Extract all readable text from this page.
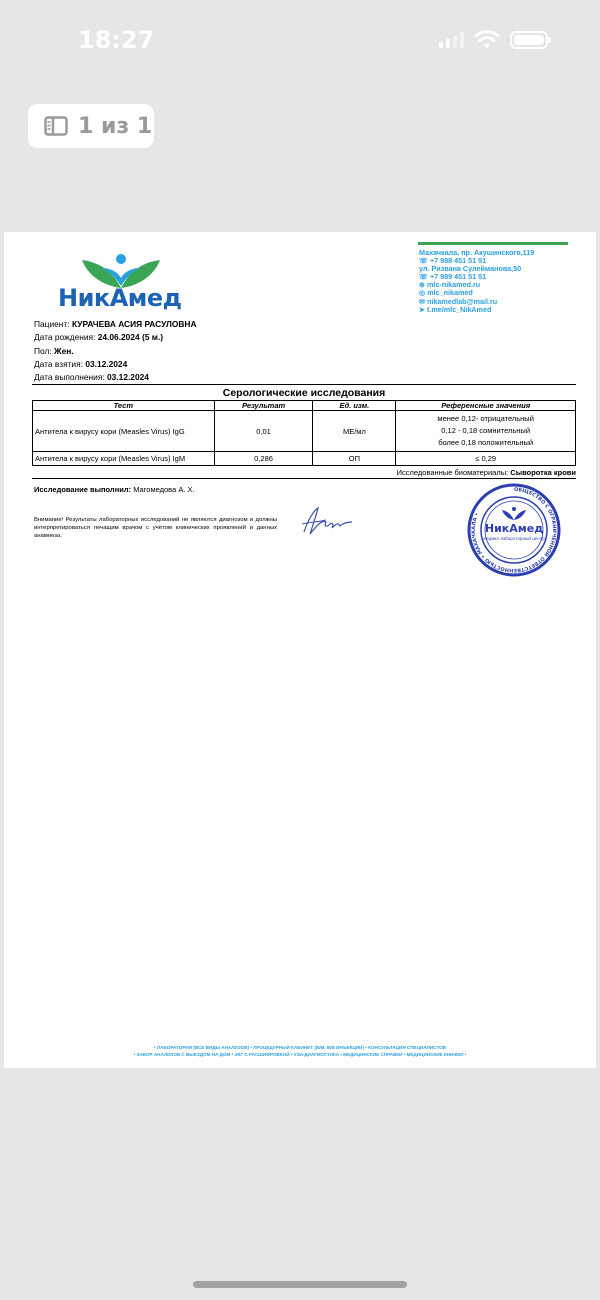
18:27
1 из 1
НикАмед
Махачкала, пр. Акушинского,119
☏ +7 988 451 51 51
ул. Ризвана Сулейманова,50
☏ +7 989 451 51 51
⊕ mlc-nikamed.ru
◎ mlc_nikamed
✉ nikamedlab@mail.ru
➤ t.me/mlc_NikAmed
Пациент: КУРАЧЕВА АСИЯ РАСУЛОВНА
Дата рождения: 24.06.2024 (5 м.)
Пол: Жен.
Дата взятия: 03.12.2024
Дата выполнения: 03.12.2024
Серологические исследования
Тест	Результат	Ед. изм.	Референсные значения
Антитела к вирусу кори (Measles Virus) IgG	0,01	МЕ/мл	менее 0,12- отрицательный
0,12 - 0,18 сомнительный
более 0,18 положительный

Антитела к вирусу кори (Measles Virus) IgM	0,286	ОП	≤ 0,29
Исследованные биоматериалы: Сыворотка крови
Исследование выполнил: Магомедова А. Х.
Внимание! Результаты лабораторных исследований не являются диагнозом и должны интерпретироваться лечащим врачом с учётом клинических проявлений и данных анамнеза.
ОБЩЕСТВО С ОГРАНИЧЕННОЙ ОТВЕТСТВЕННОСТЬЮ • МАХАЧКАЛА •
НикАмед
медико лабораторный центр
• ЛАБОРАТОРИЯ (ВСЕ ВИДЫ АНАЛИЗОВ) • ПРОЦЕДУРНЫЙ КАБИНЕТ (В/М, В/В ИНЪЕКЦИИ) • КОНСУЛЬТАЦИЯ СПЕЦИАЛИСТОВ
• ЗАБОР АНАЛИЗОВ С ВЫЕЗДОМ НА ДОМ • ЭКГ С РАСШИФРОВКОЙ • УЗИ-ДИАГНОСТИКА • МЕДИЦИНСКИЕ СПРАВКИ • МЕДИЦИНСКИЕ КНИЖКИ •
